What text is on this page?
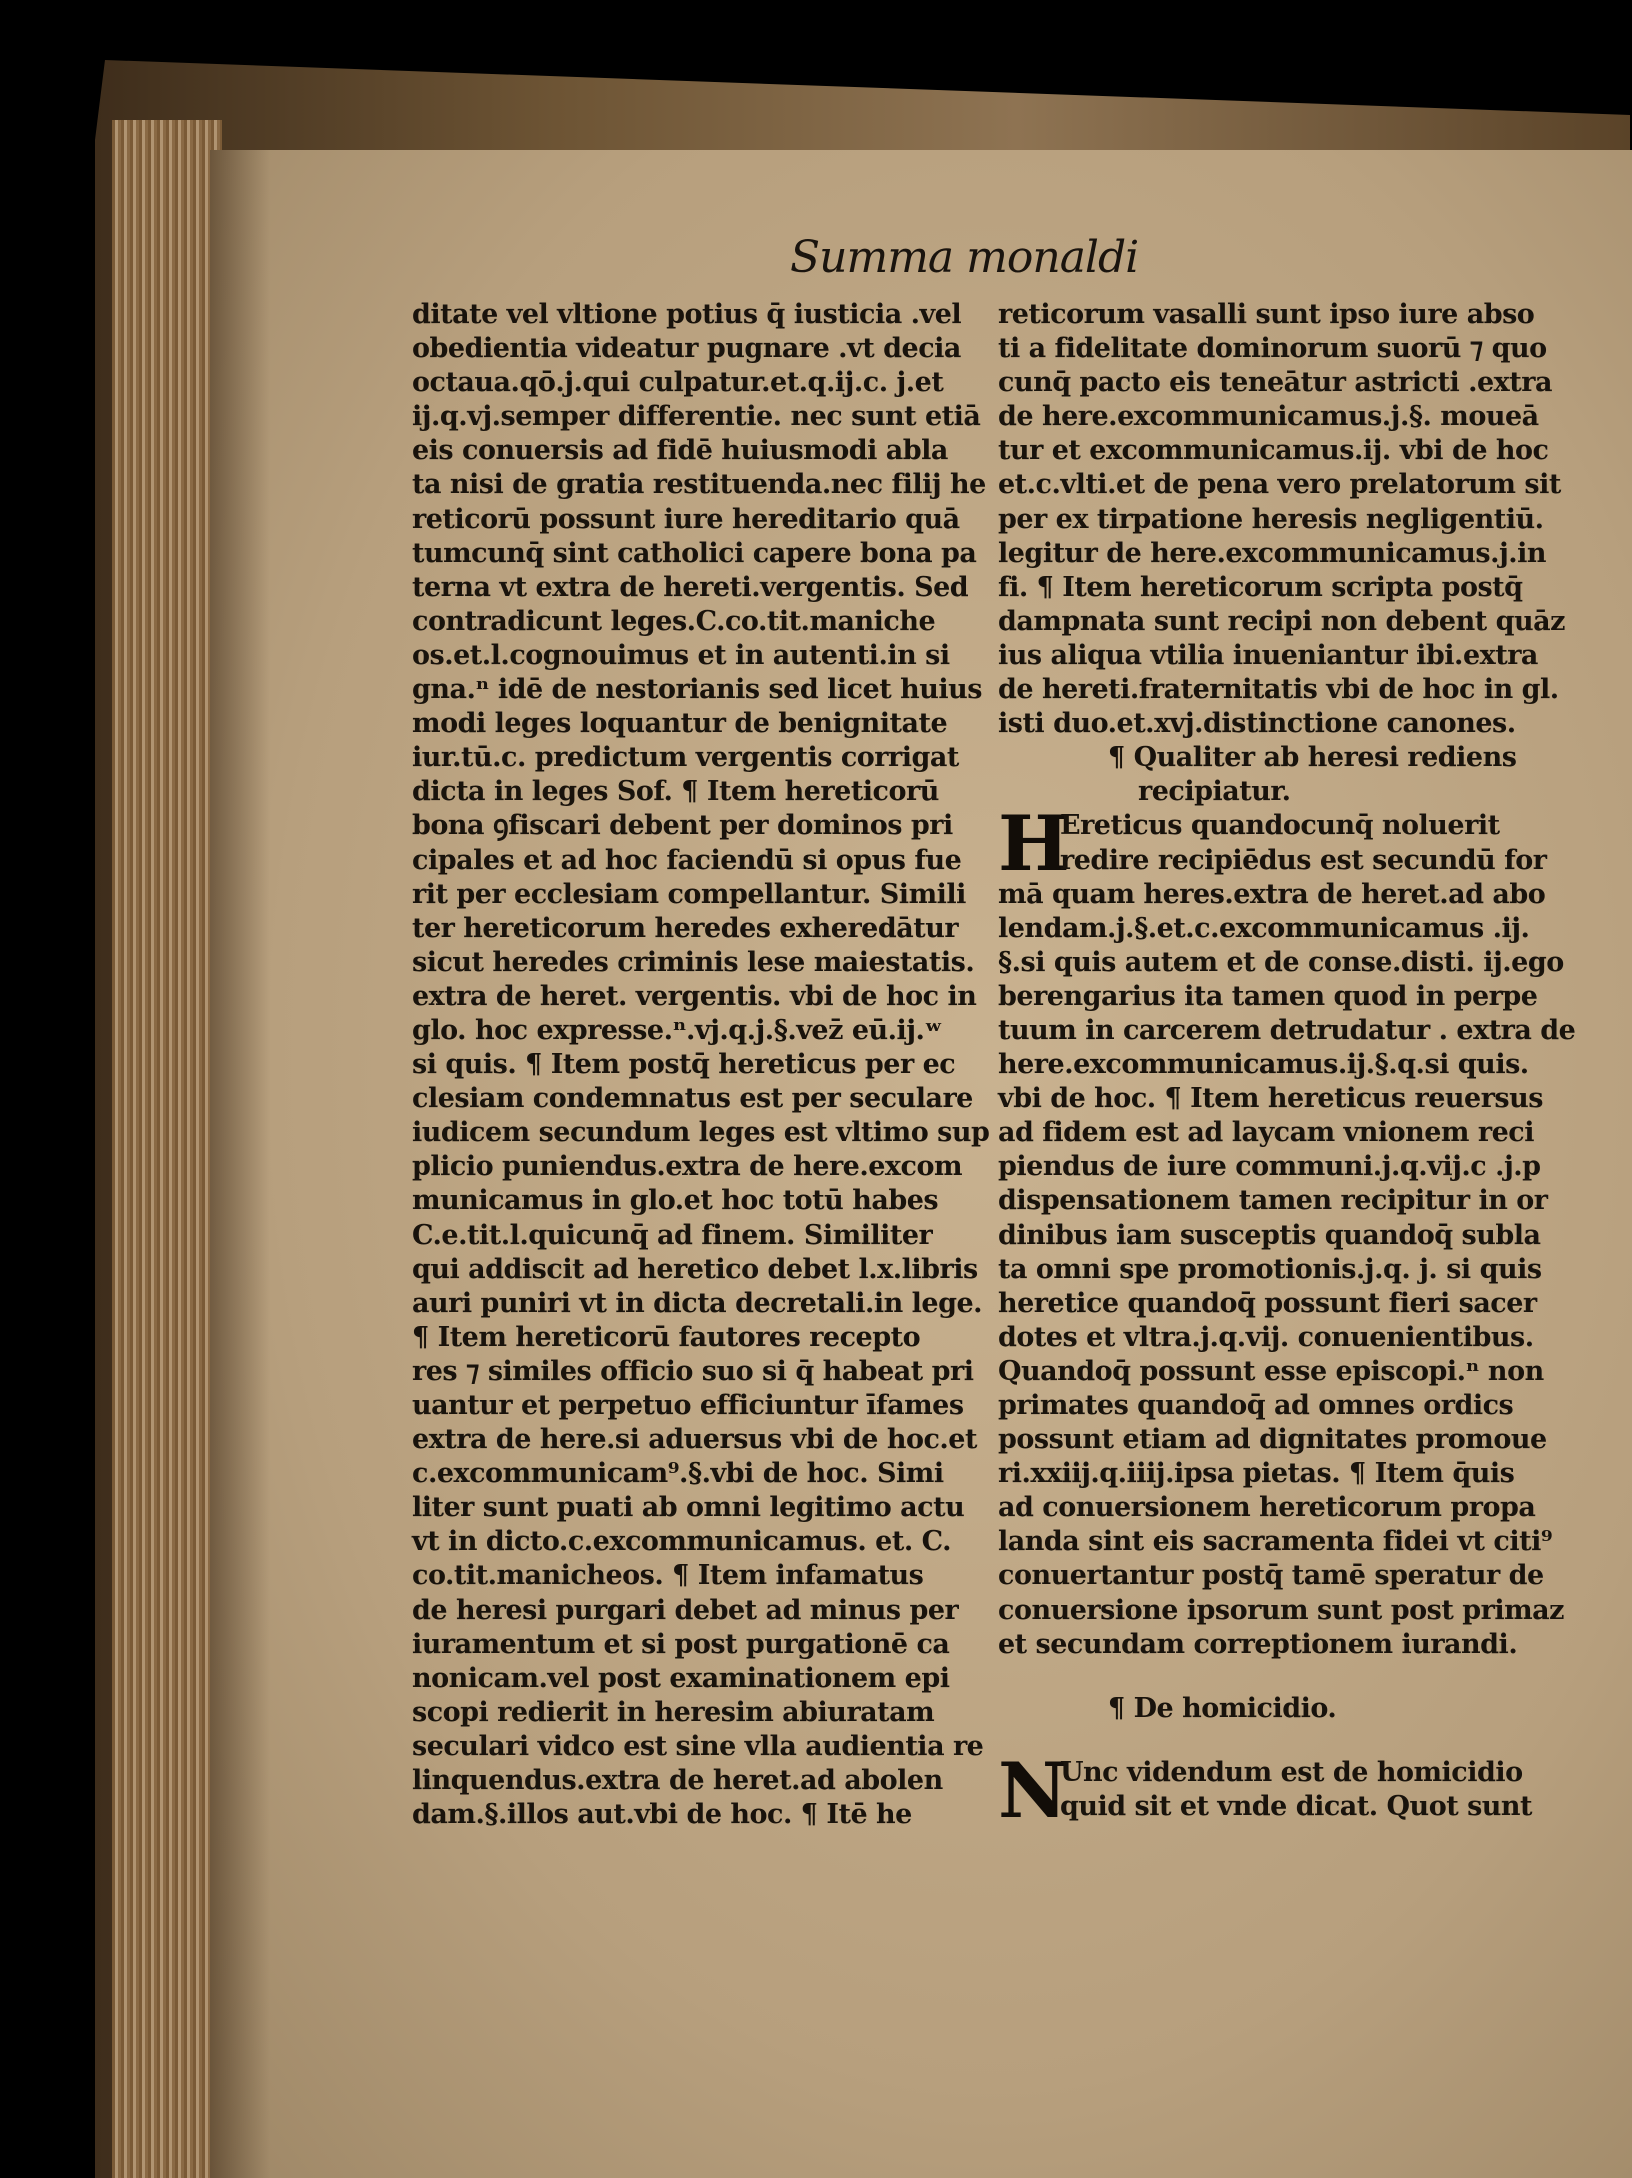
Summa monaldi
ditate vel vltione potius q̄ iusticia .vel
obedientia videatur pugnare .vt decia
octaua.qō.j.qui culpatur.et.q.ij.c. j.et
ij.q.vj.semper differentie. nec sunt etiā
eis conuersis ad fidē huiusmodi abla
ta nisi de gratia restituenda.nec filij he
reticorū possunt iure hereditario quā
tumcunq̄ sint catholici capere bona pa
terna vt extra de hereti.vergentis. Sed
contradicunt leges.C.co.tit.maniche
os.et.l.cognouimus et in autenti.in si
gna.ⁿ idē de nestorianis sed licet huius
modi leges loquantur de benignitate
iur.tū.c. predictum vergentis corrigat
dicta in leges Sof. ¶ Item hereticorū
bona ꝯfiscari debent per dominos pri
cipales et ad hoc faciendū si opus fue
rit per ecclesiam compellantur. Simili
ter hereticorum heredes exheredātur
sicut heredes criminis lese maiestatis.
extra de heret. vergentis. vbi de hoc in
glo. hoc expresse.ⁿ.vj.q.j.§.vez̄ eū.ij.ʷ
si quis. ¶ Item postq̄ hereticus per ec
clesiam condemnatus est per seculare
iudicem secundum leges est vltimo sup
plicio puniendus.extra de here.excom
municamus in glo.et hoc totū habes
C.e.tit.l.quicunq̄ ad finem. Similiter
qui addiscit ad heretico debet l.x.libris
auri puniri vt in dicta decretali.in lege.
¶ Item hereticorū fautores recepto
res ⁊ similes officio suo si q̄ habeat pri
uantur et perpetuo efficiuntur īfames
extra de here.si aduersus vbi de hoc.et
c.excommunicam⁹.§.vbi de hoc. Simi
liter sunt puati ab omni legitimo actu
vt in dicto.c.excommunicamus. et. C.
co.tit.manicheos. ¶ Item infamatus
de heresi purgari debet ad minus per
iuramentum et si post purgationē ca
nonicam.vel post examinationem epi
scopi redierit in heresim abiuratam
seculari vidco est sine vlla audientia re
linquendus.extra de heret.ad abolen
dam.§.illos aut.vbi de hoc. ¶ Itē he
reticorum vasalli sunt ipso iure abso
ti a fidelitate dominorum suorū ⁊ quo
cunq̄ pacto eis teneātur astricti .extra
de here.excommunicamus.j.§. moueā
tur et excommunicamus.ij. vbi de hoc
et.c.vlti.et de pena vero prelatorum sit
per ex tirpatione heresis negligentiū.
legitur de here.excommunicamus.j.in
fi. ¶ Item hereticorum scripta postq̄
dampnata sunt recipi non debent quāz
ius aliqua vtilia inueniantur ibi.extra
de hereti.fraternitatis vbi de hoc in gl.
isti duo.et.xvj.distinctione canones.
¶ Qualiter ab heresi rediens
recipiatur.
H
Ereticus quandocunq̄ noluerit
redire recipiēdus est secundū for
mā quam heres.extra de heret.ad abo
lendam.j.§.et.c.excommunicamus .ij.
§.si quis autem et de conse.disti. ij.ego
berengarius ita tamen quod in perpe
tuum in carcerem detrudatur . extra de
here.excommunicamus.ij.§.q.si quis.
vbi de hoc. ¶ Item hereticus reuersus
ad fidem est ad laycam vnionem reci
piendus de iure communi.j.q.vij.c .j.p
dispensationem tamen recipitur in or
dinibus iam susceptis quandoq̄ subla
ta omni spe promotionis.j.q. j. si quis
heretice quandoq̄ possunt fieri sacer
dotes et vltra.j.q.vij. conuenientibus.
Quandoq̄ possunt esse episcopi.ⁿ non
primates quandoq̄ ad omnes ordics
possunt etiam ad dignitates promoue
ri.xxiij.q.iiij.ipsa pietas. ¶ Item q̄uis
ad conuersionem hereticorum propa
landa sint eis sacramenta fidei vt citi⁹
conuertantur postq̄ tamē speratur de
conuersione ipsorum sunt post primaz
et secundam correptionem iurandi.
¶ De homicidio.
N
Unc videndum est de homicidio
quid sit et vnde dicat. Quot sunt
